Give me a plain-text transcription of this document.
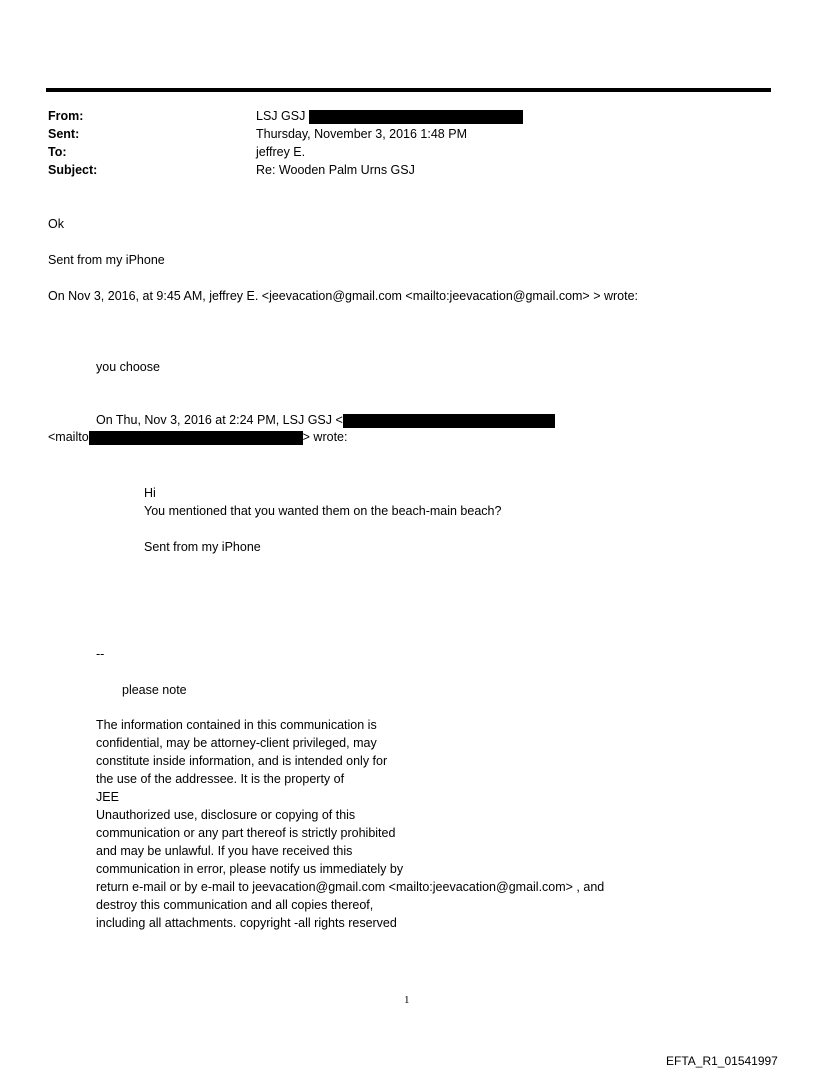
From:	LSJ GSJ
Sent:	Thursday, November 3, 2016 1:48 PM
To:	jeffrey E.
Subject:	Re: Wooden Palm Urns GSJ
Ok
Sent from my iPhone
On Nov 3, 2016, at 9:45 AM, jeffrey E. <jeevacation@gmail.com <mailto:jeevacation@gmail.com> > wrote:
you choose
On Thu, Nov 3, 2016 at 2:24 PM, LSJ GSJ <
<mailto	> wrote:
Hi
You mentioned that you wanted them on the beach-main beach?
Sent from my iPhone
--
please note
The information contained in this communication is
confidential, may be attorney-client privileged, may
constitute inside information, and is intended only for
the use of the addressee. It is the property of
JEE
Unauthorized use, disclosure or copying of this
communication or any part thereof is strictly prohibited
and may be unlawful. If you have received this
communication in error, please notify us immediately by
return e-mail or by e-mail to jeevacation@gmail.com <mailto:jeevacation@gmail.com> , and
destroy this communication and all copies thereof,
including all attachments. copyright -all rights reserved
1
EFTA_R1_01541997
